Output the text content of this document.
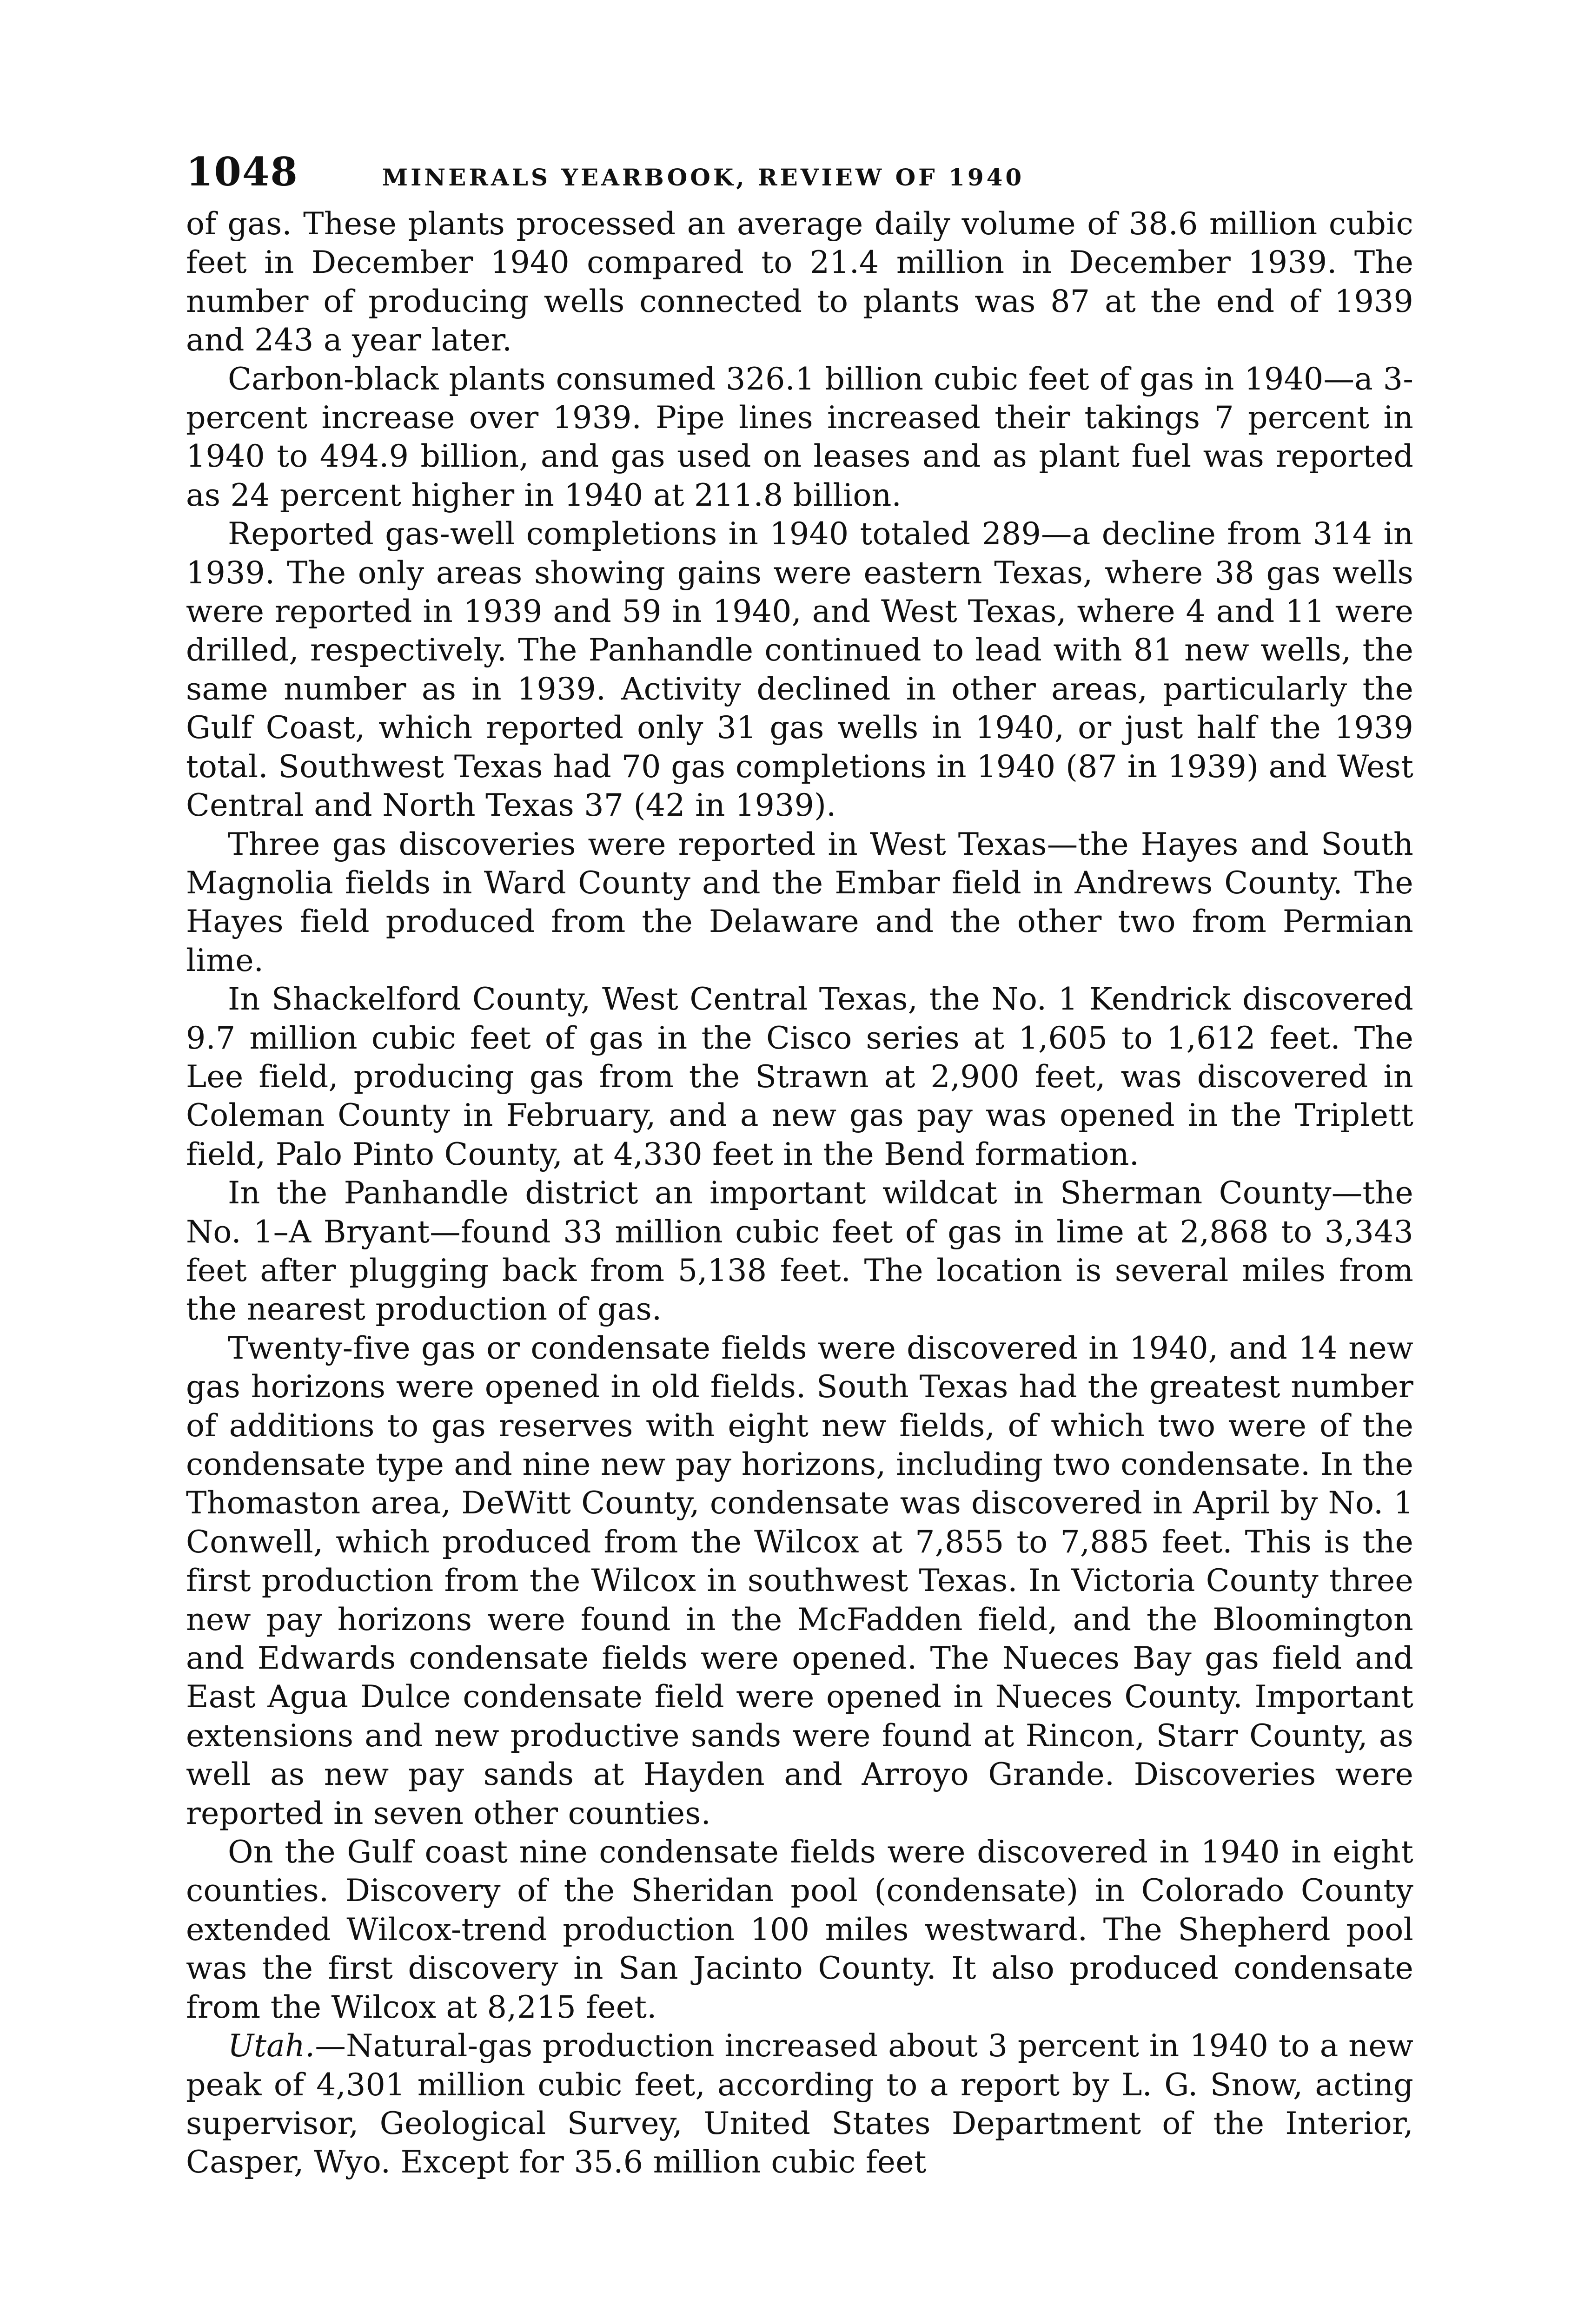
1048	MINERALS YEARBOOK, REVIEW OF 1940

of gas. These plants processed an average daily volume of 38.6 million cubic feet in December 1940 compared to 21.4 million in December 1939. The number of producing wells connected to plants was 87 at the end of 1939 and 243 a year later.

Carbon-black plants consumed 326.1 billion cubic feet of gas in 1940—a 3-percent increase over 1939. Pipe lines increased their takings 7 percent in 1940 to 494.9 billion, and gas used on leases and as plant fuel was reported as 24 percent higher in 1940 at 211.8 billion.

Reported gas-well completions in 1940 totaled 289—a decline from 314 in 1939. The only areas showing gains were eastern Texas, where 38 gas wells were reported in 1939 and 59 in 1940, and West Texas, where 4 and 11 were drilled, respectively. The Panhandle continued to lead with 81 new wells, the same number as in 1939. Activity declined in other areas, particularly the Gulf Coast, which reported only 31 gas wells in 1940, or just half the 1939 total. Southwest Texas had 70 gas completions in 1940 (87 in 1939) and West Central and North Texas 37 (42 in 1939).

Three gas discoveries were reported in West Texas—the Hayes and South Magnolia fields in Ward County and the Embar field in Andrews County. The Hayes field produced from the Delaware and the other two from Permian lime.

In Shackelford County, West Central Texas, the No. 1 Kendrick discovered 9.7 million cubic feet of gas in the Cisco series at 1,605 to 1,612 feet. The Lee field, producing gas from the Strawn at 2,900 feet, was discovered in Coleman County in February, and a new gas pay was opened in the Triplett field, Palo Pinto County, at 4,330 feet in the Bend formation.

In the Panhandle district an important wildcat in Sherman County—the No. 1–A Bryant—found 33 million cubic feet of gas in lime at 2,868 to 3,343 feet after plugging back from 5,138 feet. The location is several miles from the nearest production of gas.

Twenty-five gas or condensate fields were discovered in 1940, and 14 new gas horizons were opened in old fields. South Texas had the greatest number of additions to gas reserves with eight new fields, of which two were of the condensate type and nine new pay horizons, including two condensate. In the Thomaston area, DeWitt County, condensate was discovered in April by No. 1 Conwell, which produced from the Wilcox at 7,855 to 7,885 feet. This is the first production from the Wilcox in southwest Texas. In Victoria County three new pay horizons were found in the McFadden field, and the Bloomington and Edwards condensate fields were opened. The Nueces Bay gas field and East Agua Dulce condensate field were opened in Nueces County. Important extensions and new productive sands were found at Rincon, Starr County, as well as new pay sands at Hayden and Arroyo Grande. Discoveries were reported in seven other counties.

On the Gulf coast nine condensate fields were discovered in 1940 in eight counties. Discovery of the Sheridan pool (condensate) in Colorado County extended Wilcox-trend production 100 miles westward. The Shepherd pool was the first discovery in San Jacinto County. It also produced condensate from the Wilcox at 8,215 feet.

Utah.—Natural-gas production increased about 3 percent in 1940 to a new peak of 4,301 million cubic feet, according to a report by L. G. Snow, acting supervisor, Geological Survey, United States Department of the Interior, Casper, Wyo. Except for 35.6 million cubic feet
